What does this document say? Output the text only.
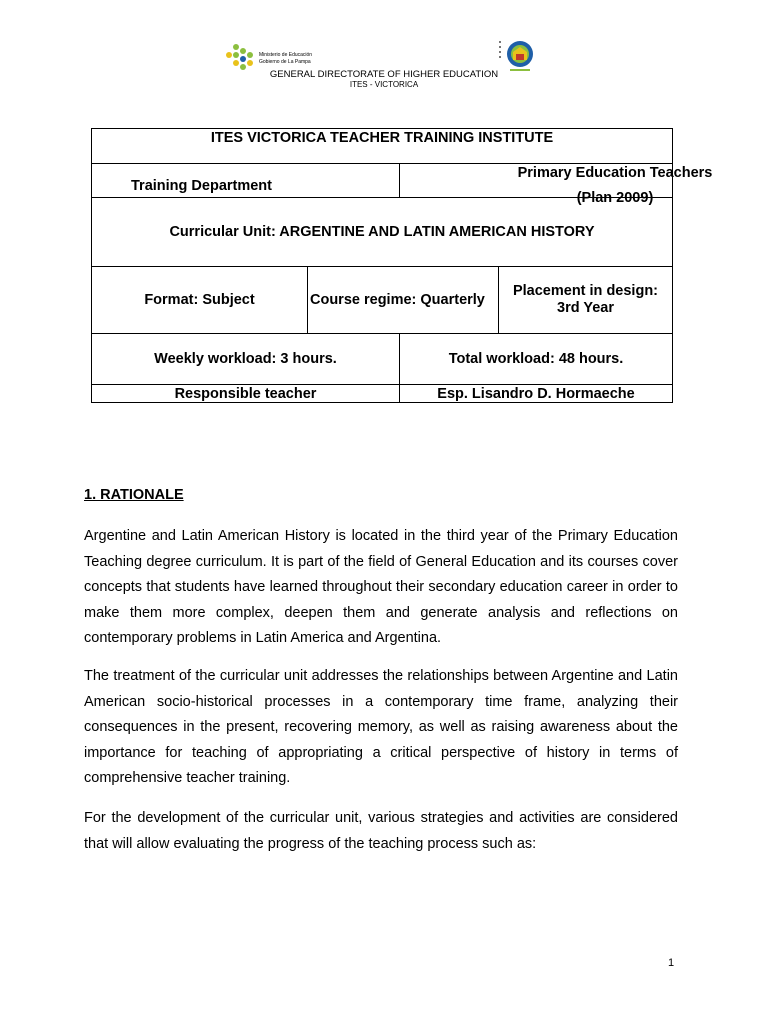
Ministerio de Educación
Gobierno de La Pampa
GENERAL DIRECTORATE OF HIGHER EDUCATION
ITES - VICTORICA
ITES VICTORICA TEACHER TRAINING INSTITUTE			
Training Department		Primary Education Teachers (Plan 2009)	

Curricular Unit: ARGENTINE AND LATIN AMERICAN HISTORY			
Format: Subject	Course regime: Quarterly		Placement in design: 3rd Year
Weekly workload: 3 hours.		Total workload: 48 hours.	
Responsible teacher		Esp. Lisandro D. Hormaeche	
1. RATIONALE

Argentine and Latin American History is located in the third year of the Primary Education Teaching degree curriculum. It is part of the field of General Education and its courses cover concepts that students have learned throughout their secondary education career in order to make them more complex, deepen them and generate analysis and reflections on contemporary problems in Latin America and Argentina.

The treatment of the curricular unit addresses the relationships between Argentine and Latin American socio-historical processes in a contemporary time frame, analyzing their consequences in the present, recovering memory, as well as raising awareness about the importance for teaching of appropriating a critical perspective of history in terms of comprehensive teacher training.

For the development of the curricular unit, various strategies and activities are considered that will allow evaluating the progress of the teaching process such as:

1
